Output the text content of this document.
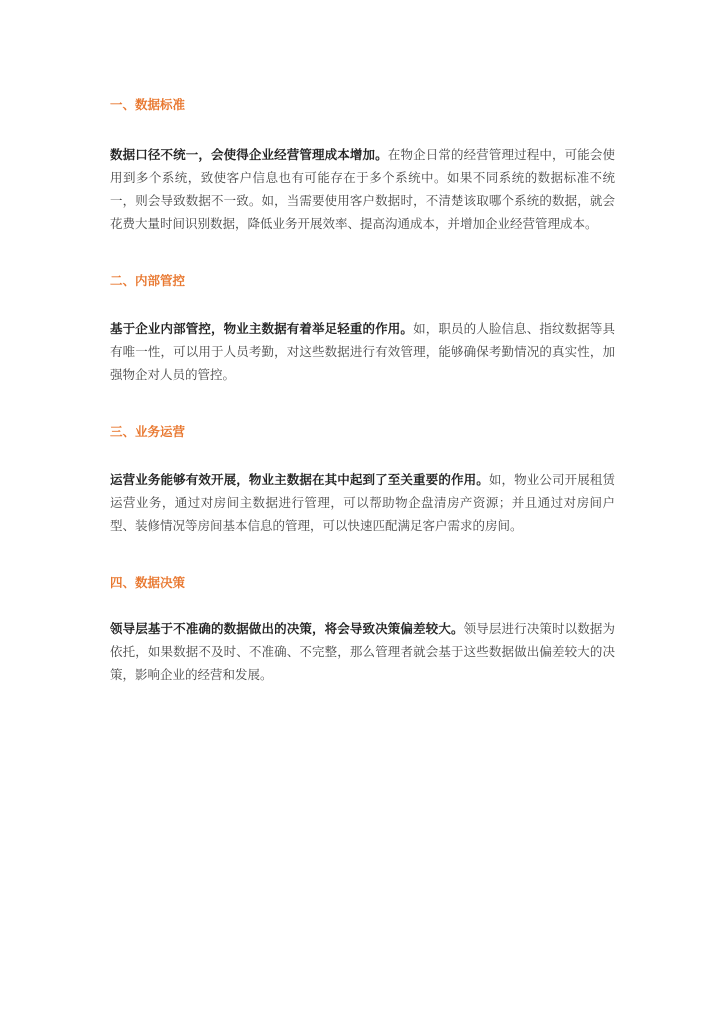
一、数据标准

数据口径不统一，会使得企业经营管理成本增加。在物企日常的经营管理过程中，可能会使用到多个系统，致使客户信息也有可能存在于多个系统中。如果不同系统的数据标准不统一，则会导致数据不一致。如，当需要使用客户数据时，不清楚该取哪个系统的数据，就会花费大量时间识别数据，降低业务开展效率、提高沟通成本，并增加企业经营管理成本。

二、内部管控

基于企业内部管控，物业主数据有着举足轻重的作用。如，职员的人脸信息、指纹数据等具有唯一性，可以用于人员考勤，对这些数据进行有效管理，能够确保考勤情况的真实性，加强物企对人员的管控。

三、业务运营

运营业务能够有效开展，物业主数据在其中起到了至关重要的作用。如，物业公司开展租赁运营业务，通过对房间主数据进行管理，可以帮助物企盘清房产资源；并且通过对房间户型、装修情况等房间基本信息的管理，可以快速匹配满足客户需求的房间。

四、数据决策

领导层基于不准确的数据做出的决策，将会导致决策偏差较大。领导层进行决策时以数据为依托，如果数据不及时、不准确、不完整，那么管理者就会基于这些数据做出偏差较大的决策，影响企业的经营和发展。
